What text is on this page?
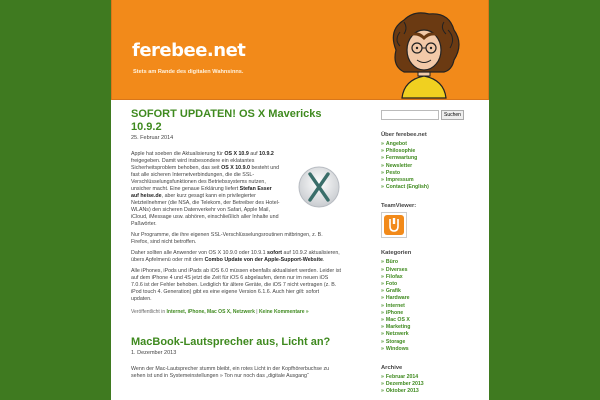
ferebee.net
Stets am Rande des digitalen Wahnsinns.
SOFORT UPDATEN! OS X Mavericks 10.9.2
25. Februar 2014

Apple hat soeben die Aktualisierung für OS X 10.9 auf 10.9.2 freigegeben. Damit wird insbesondere ein eklatantes Sicherheitsproblem behoben, das seit OS X 10.9.0 besteht und fast alle sicheren Internetverbindungen, die die SSL-Verschlüsselungsfunktionen des Betriebssystems nutzen, unsicher macht. Eine genaue Erklärung liefert Stefan Esser auf heise.de, aber kurz gesagt kann ein privilegierter Netzteilnehmer (die NSA, die Telekom, der Betreiber des Hotel-WLANs) den sicheren Datenverkehr von Safari, Apple Mail, iCloud, iMessage usw. abhören, einschließlich aller Inhalte und Paßwörter.

Nur Programme, die ihre eigenen SSL-Verschlüsselungsroutinen mitbringen, z. B. Firefox, sind nicht betroffen.

Daher sollten alle Anwender von OS X 10.9.0 oder 10.9.1 sofort auf 10.9.2 aktualisieren, übers Apfelmenü oder mit dem Combo Update von der Apple-Support-Website.

Alle iPhones, iPods und iPads ab iOS 6.0 müssen ebenfalls aktualisiert werden. Leider ist auf dem iPhone 4 und 4S jetzt die Zeit für iOS 6 abgelaufen, denn nur im neuen iOS 7.0.6 ist der Fehler behoben. Lediglich für ältere Geräte, die iOS 7 nicht vertragen (z. B. iPod touch 4. Generation) gibt es eine eigene Version 6.1.6. Auch hier gilt: sofort updaten.

Veröffentlicht in Internet, iPhone, Mac OS X, Netzwerk | Keine Kommentare »
MacBook-Lautsprecher aus, Licht an?
1. Dezember 2013

Wenn der Mac-Lautsprecher stumm bleibt, ein rotes Licht in der Kopfhörerbuchse zu sehen ist und in Systemeinstellungen » Ton nur noch das „digitale Ausgang“

Suchen
Über ferebee.net
» Angebot
» Philosophie
» Fernwartung
» Newsletter
» Pesto
» Impressum
» Contact (English)
TeamViewer:
Kategorien
» Büro
» Diverses
» Filofax
» Foto
» Grafik
» Hardware
» Internet
» iPhone
» Mac OS X
» Marketing
» Netzwerk
» Storage
» Windows
Archive
» Februar 2014
» Dezember 2013
» Oktober 2013
